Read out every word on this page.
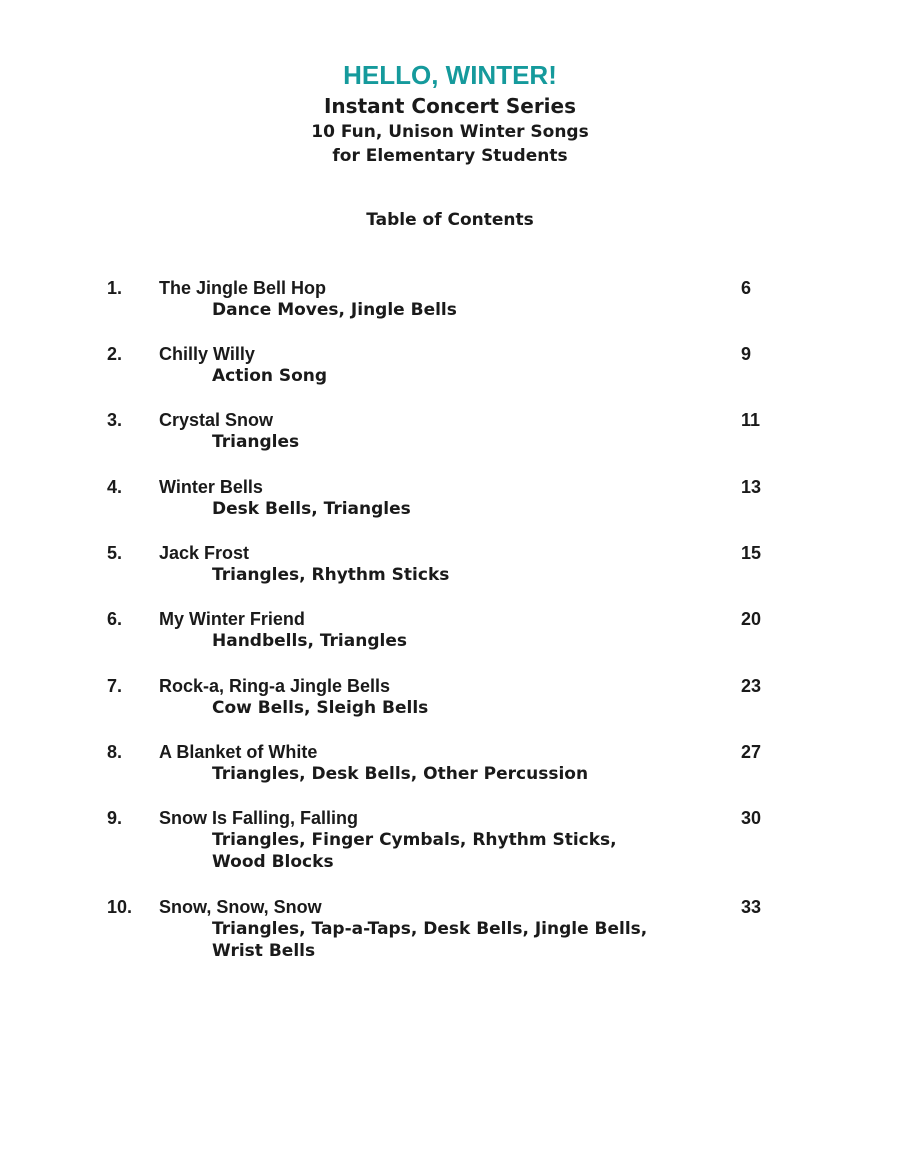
HELLO, WINTER!
Instant Concert Series
10 Fun, Unison Winter Songs
for Elementary Students
Table of Contents
1. The Jingle Bell Hop	6
Dance Moves, Jingle Bells
2. Chilly Willy	9
Action Song
3. Crystal Snow	11
Triangles
4. Winter Bells	13
Desk Bells, Triangles
5. Jack Frost	15
Triangles, Rhythm Sticks
6. My Winter Friend	20
Handbells, Triangles
7. Rock-a, Ring-a Jingle Bells	23
Cow Bells, Sleigh Bells
8. A Blanket of White	27
Triangles, Desk Bells, Other Percussion
9. Snow Is Falling, Falling	30
Triangles, Finger Cymbals, Rhythm Sticks,
Wood Blocks
10. Snow, Snow, Snow	33
Triangles, Tap-a-Taps, Desk Bells, Jingle Bells,
Wrist Bells
